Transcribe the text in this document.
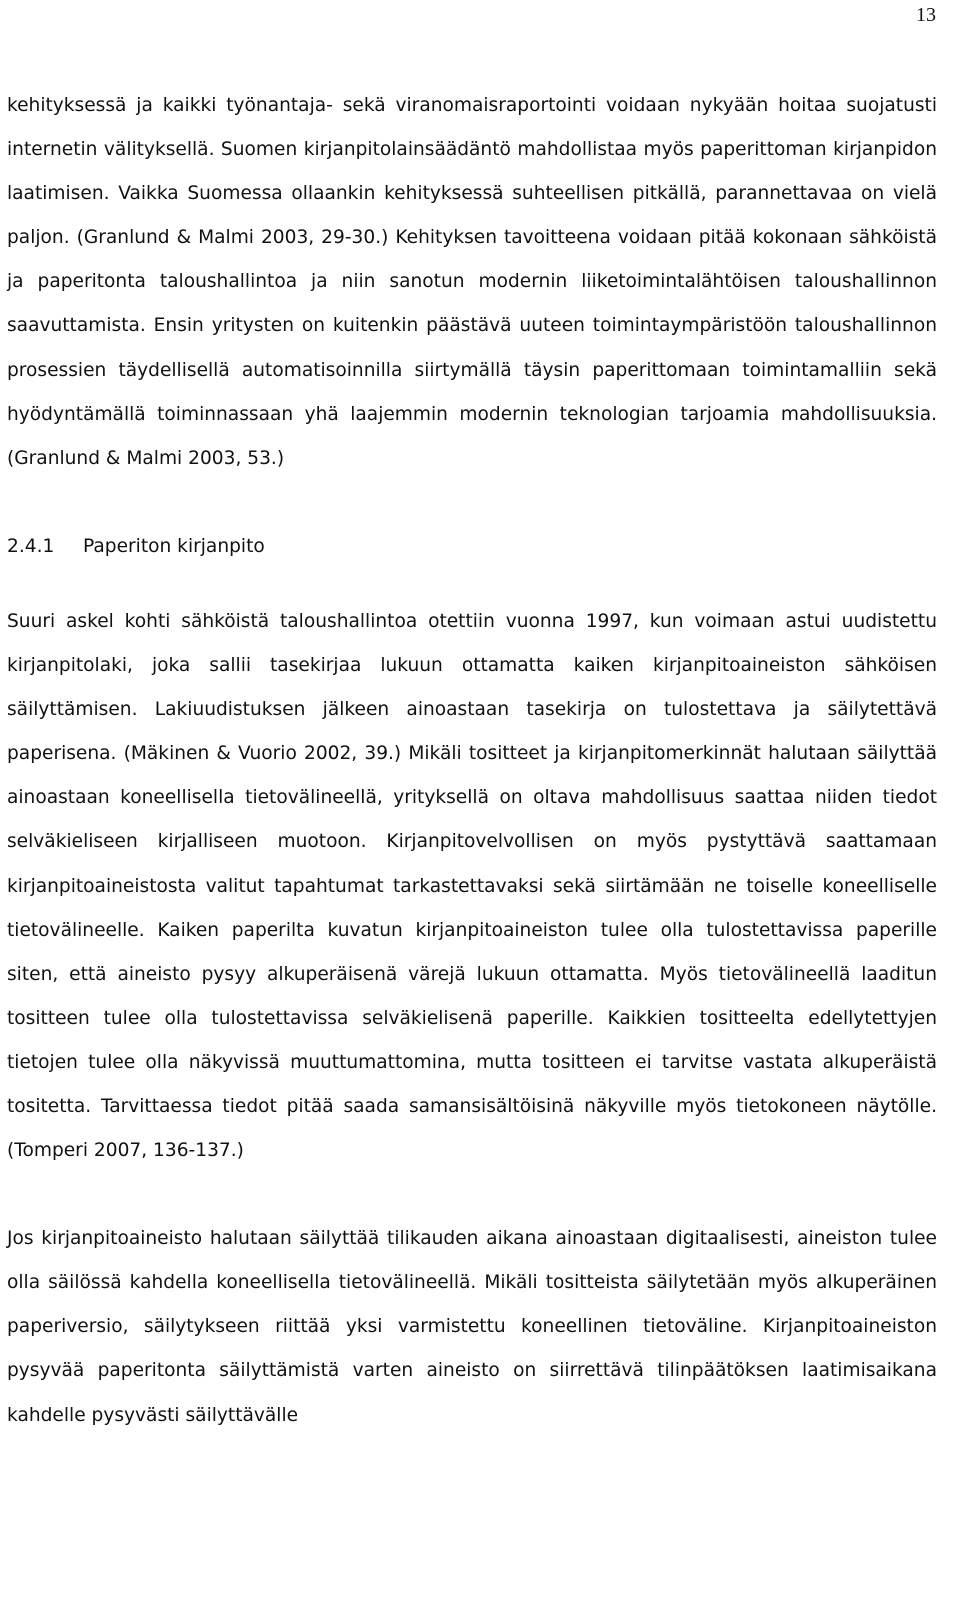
13

kehityksessä ja kaikki työnantaja- sekä viranomaisraportointi voidaan nykyään hoitaa suojatusti internetin välityksellä. Suomen kirjanpitolainsäädäntö mahdollistaa myös paperittoman kirjanpidon laatimisen. Vaikka Suomessa ollaankin kehityksessä suhteellisen pitkällä, parannettavaa on vielä paljon. (Granlund & Malmi 2003, 29-30.) Kehityksen tavoitteena voidaan pitää kokonaan sähköistä ja paperitonta taloushallintoa ja niin sanotun modernin liiketoimintalähtöisen taloushallinnon saavuttamista. Ensin yritysten on kuitenkin päästävä uuteen toimintaympäristöön taloushallinnon prosessien täydellisellä automatisoinnilla siirtymällä täysin paperittomaan toimintamalliin sekä hyödyntämällä toiminnassaan yhä laajemmin modernin teknologian tarjoamia mahdollisuuksia. (Granlund & Malmi 2003, 53.)

2.4.1 Paperiton kirjanpito

Suuri askel kohti sähköistä taloushallintoa otettiin vuonna 1997, kun voimaan astui uudistettu kirjanpitolaki, joka sallii tasekirjaa lukuun ottamatta kaiken kirjanpitoaineiston sähköisen säilyttämisen. Lakiuudistuksen jälkeen ainoastaan tasekirja on tulostettava ja säilytettävä paperisena. (Mäkinen & Vuorio 2002, 39.) Mikäli tositteet ja kirjanpitomerkinnät halutaan säilyttää ainoastaan koneellisella tietovälineellä, yrityksellä on oltava mahdollisuus saattaa niiden tiedot selväkieliseen kirjalliseen muotoon. Kirjanpitovelvollisen on myös pystyttävä saattamaan kirjanpitoaineistosta valitut tapahtumat tarkastettavaksi sekä siirtämään ne toiselle koneelliselle tietovälineelle. Kaiken paperilta kuvatun kirjanpitoaineiston tulee olla tulostettavissa paperille siten, että aineisto pysyy alkuperäisenä värejä lukuun ottamatta. Myös tietovälineellä laaditun tositteen tulee olla tulostettavissa selväkielisenä paperille. Kaikkien tositteelta edellytettyjen tietojen tulee olla näkyvissä muuttumattomina, mutta tositteen ei tarvitse vastata alkuperäistä tositetta. Tarvittaessa tiedot pitää saada samansisältöisinä näkyville myös tietokoneen näytölle. (Tomperi 2007, 136-137.)

Jos kirjanpitoaineisto halutaan säilyttää tilikauden aikana ainoastaan digitaalisesti, aineiston tulee olla säilössä kahdella koneellisella tietovälineellä. Mikäli tositteista säilytetään myös alkuperäinen paperiversio, säilytykseen riittää yksi varmistettu koneellinen tietoväline. Kirjanpitoaineiston pysyvää paperitonta säilyttämistä varten aineisto on siirrettävä tilinpäätöksen laatimisaikana kahdelle pysyvästi säilyttävälle
